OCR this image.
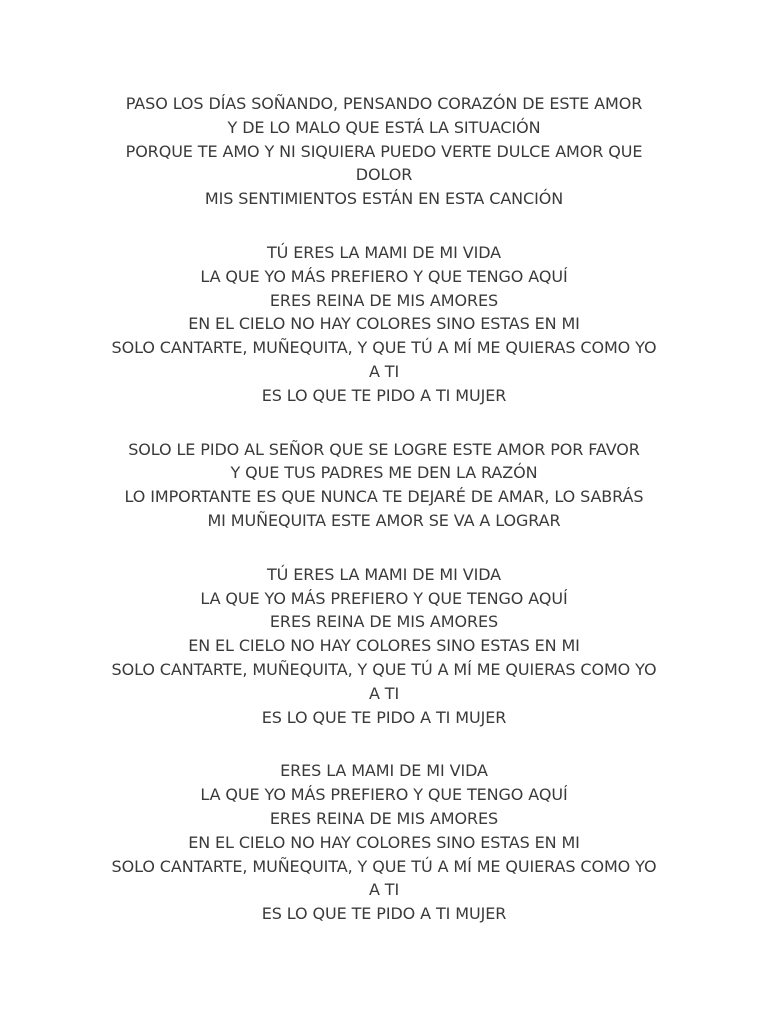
PASO LOS DÍAS SOÑANDO, PENSANDO CORAZÓN DE ESTE AMOR
Y DE LO MALO QUE ESTÁ LA SITUACIÓN
PORQUE TE AMO Y NI SIQUIERA PUEDO VERTE DULCE AMOR QUE DOLOR
MIS SENTIMIENTOS ESTÁN EN ESTA CANCIÓN
TÚ ERES LA MAMI DE MI VIDA
LA QUE YO MÁS PREFIERO Y QUE TENGO AQUÍ
ERES REINA DE MIS AMORES
EN EL CIELO NO HAY COLORES SINO ESTAS EN MI
SOLO CANTARTE, MUÑEQUITA, Y QUE TÚ A MÍ ME QUIERAS COMO YO A TI
ES LO QUE TE PIDO A TI MUJER
SOLO LE PIDO AL SEÑOR QUE SE LOGRE ESTE AMOR POR FAVOR
Y QUE TUS PADRES ME DEN LA RAZÓN
LO IMPORTANTE ES QUE NUNCA TE DEJARÉ DE AMAR, LO SABRÁS
MI MUÑEQUITA ESTE AMOR SE VA A LOGRAR
TÚ ERES LA MAMI DE MI VIDA
LA QUE YO MÁS PREFIERO Y QUE TENGO AQUÍ
ERES REINA DE MIS AMORES
EN EL CIELO NO HAY COLORES SINO ESTAS EN MI
SOLO CANTARTE, MUÑEQUITA, Y QUE TÚ A MÍ ME QUIERAS COMO YO A TI
ES LO QUE TE PIDO A TI MUJER
ERES LA MAMI DE MI VIDA
LA QUE YO MÁS PREFIERO Y QUE TENGO AQUÍ
ERES REINA DE MIS AMORES
EN EL CIELO NO HAY COLORES SINO ESTAS EN MI
SOLO CANTARTE, MUÑEQUITA, Y QUE TÚ A MÍ ME QUIERAS COMO YO A TI
ES LO QUE TE PIDO A TI MUJER
